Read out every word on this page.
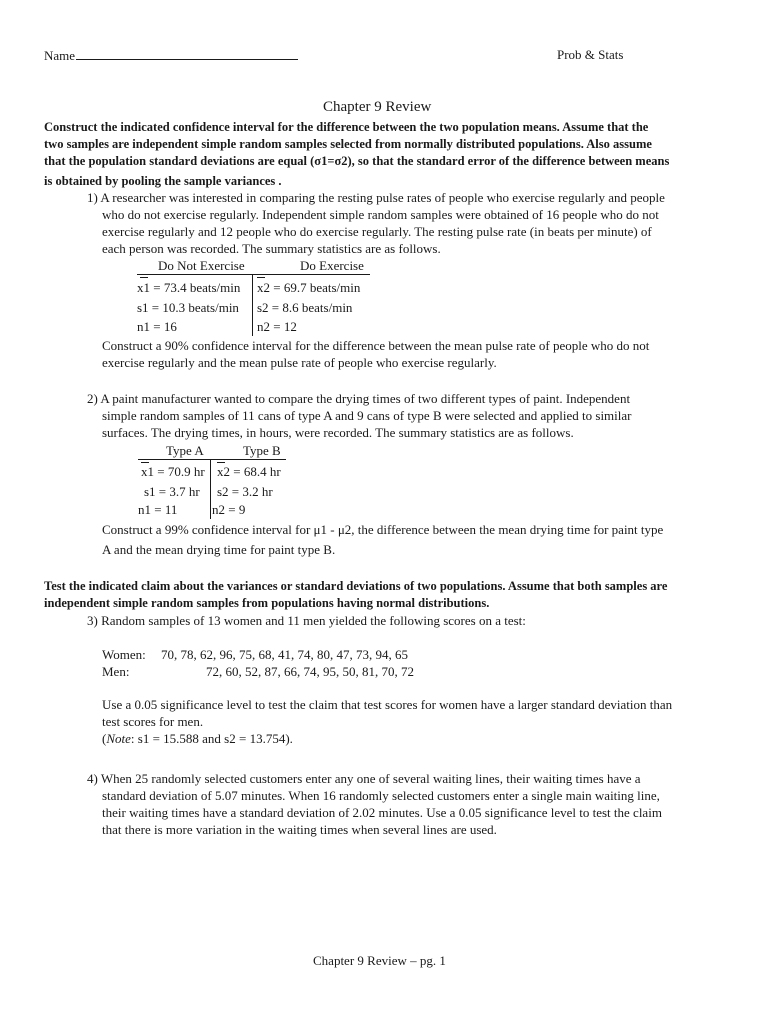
Name	Prob & Stats
Chapter 9 Review
Construct the indicated confidence interval for the difference between the two population means. Assume that the
two samples are independent simple random samples selected from normally distributed populations. Also assume
that the population standard deviations are equal (σ1=σ2), so that the standard error of the difference between means
is obtained by pooling the sample variances .
1) A researcher was interested in comparing the resting pulse rates of people who exercise regularly and people
who do not exercise regularly. Independent simple random samples were obtained of 16 people who do not
exercise regularly and 12 people who do exercise regularly. The resting pulse rate (in beats per minute) of
each person was recorded. The summary statistics are as follows.
Do Not Exercise	Do Exercise
x1 = 73.4 beats/min x2 = 69.7 beats/min
s1 = 10.3 beats/min s2 = 8.6 beats/min
n1 = 16	n2 = 12
Construct a 90% confidence interval for the difference between the mean pulse rate of people who do not
exercise regularly and the mean pulse rate of people who exercise regularly.
2) A paint manufacturer wanted to compare the drying times of two different types of paint. Independent
simple random samples of 11 cans of type A and 9 cans of type B were selected and applied to similar
surfaces. The drying times, in hours, were recorded. The summary statistics are as follows.
Type A	Type B
x1 = 70.9 hr x2 = 68.4 hr
s1 = 3.7 hr s2 = 3.2 hr
n1 = 11	n2 = 9
Construct a 99% confidence interval for μ1 - μ2, the difference between the mean drying time for paint type
A and the mean drying time for paint type B.
Test the indicated claim about the variances or standard deviations of two populations. Assume that both samples are
independent simple random samples from populations having normal distributions.
3) Random samples of 13 women and 11 men yielded the following scores on a test:
Women: 70, 78, 62, 96, 75, 68, 41, 74, 80, 47, 73, 94, 65
Men:	72, 60, 52, 87, 66, 74, 95, 50, 81, 70, 72
Use a 0.05 significance level to test the claim that test scores for women have a larger standard deviation than
test scores for men.
(Note: s1 = 15.588 and s2 = 13.754).
4) When 25 randomly selected customers enter any one of several waiting lines, their waiting times have a
standard deviation of 5.07 minutes. When 16 randomly selected customers enter a single main waiting line,
their waiting times have a standard deviation of 2.02 minutes. Use a 0.05 significance level to test the claim
that there is more variation in the waiting times when several lines are used.
Chapter 9 Review – pg. 1
